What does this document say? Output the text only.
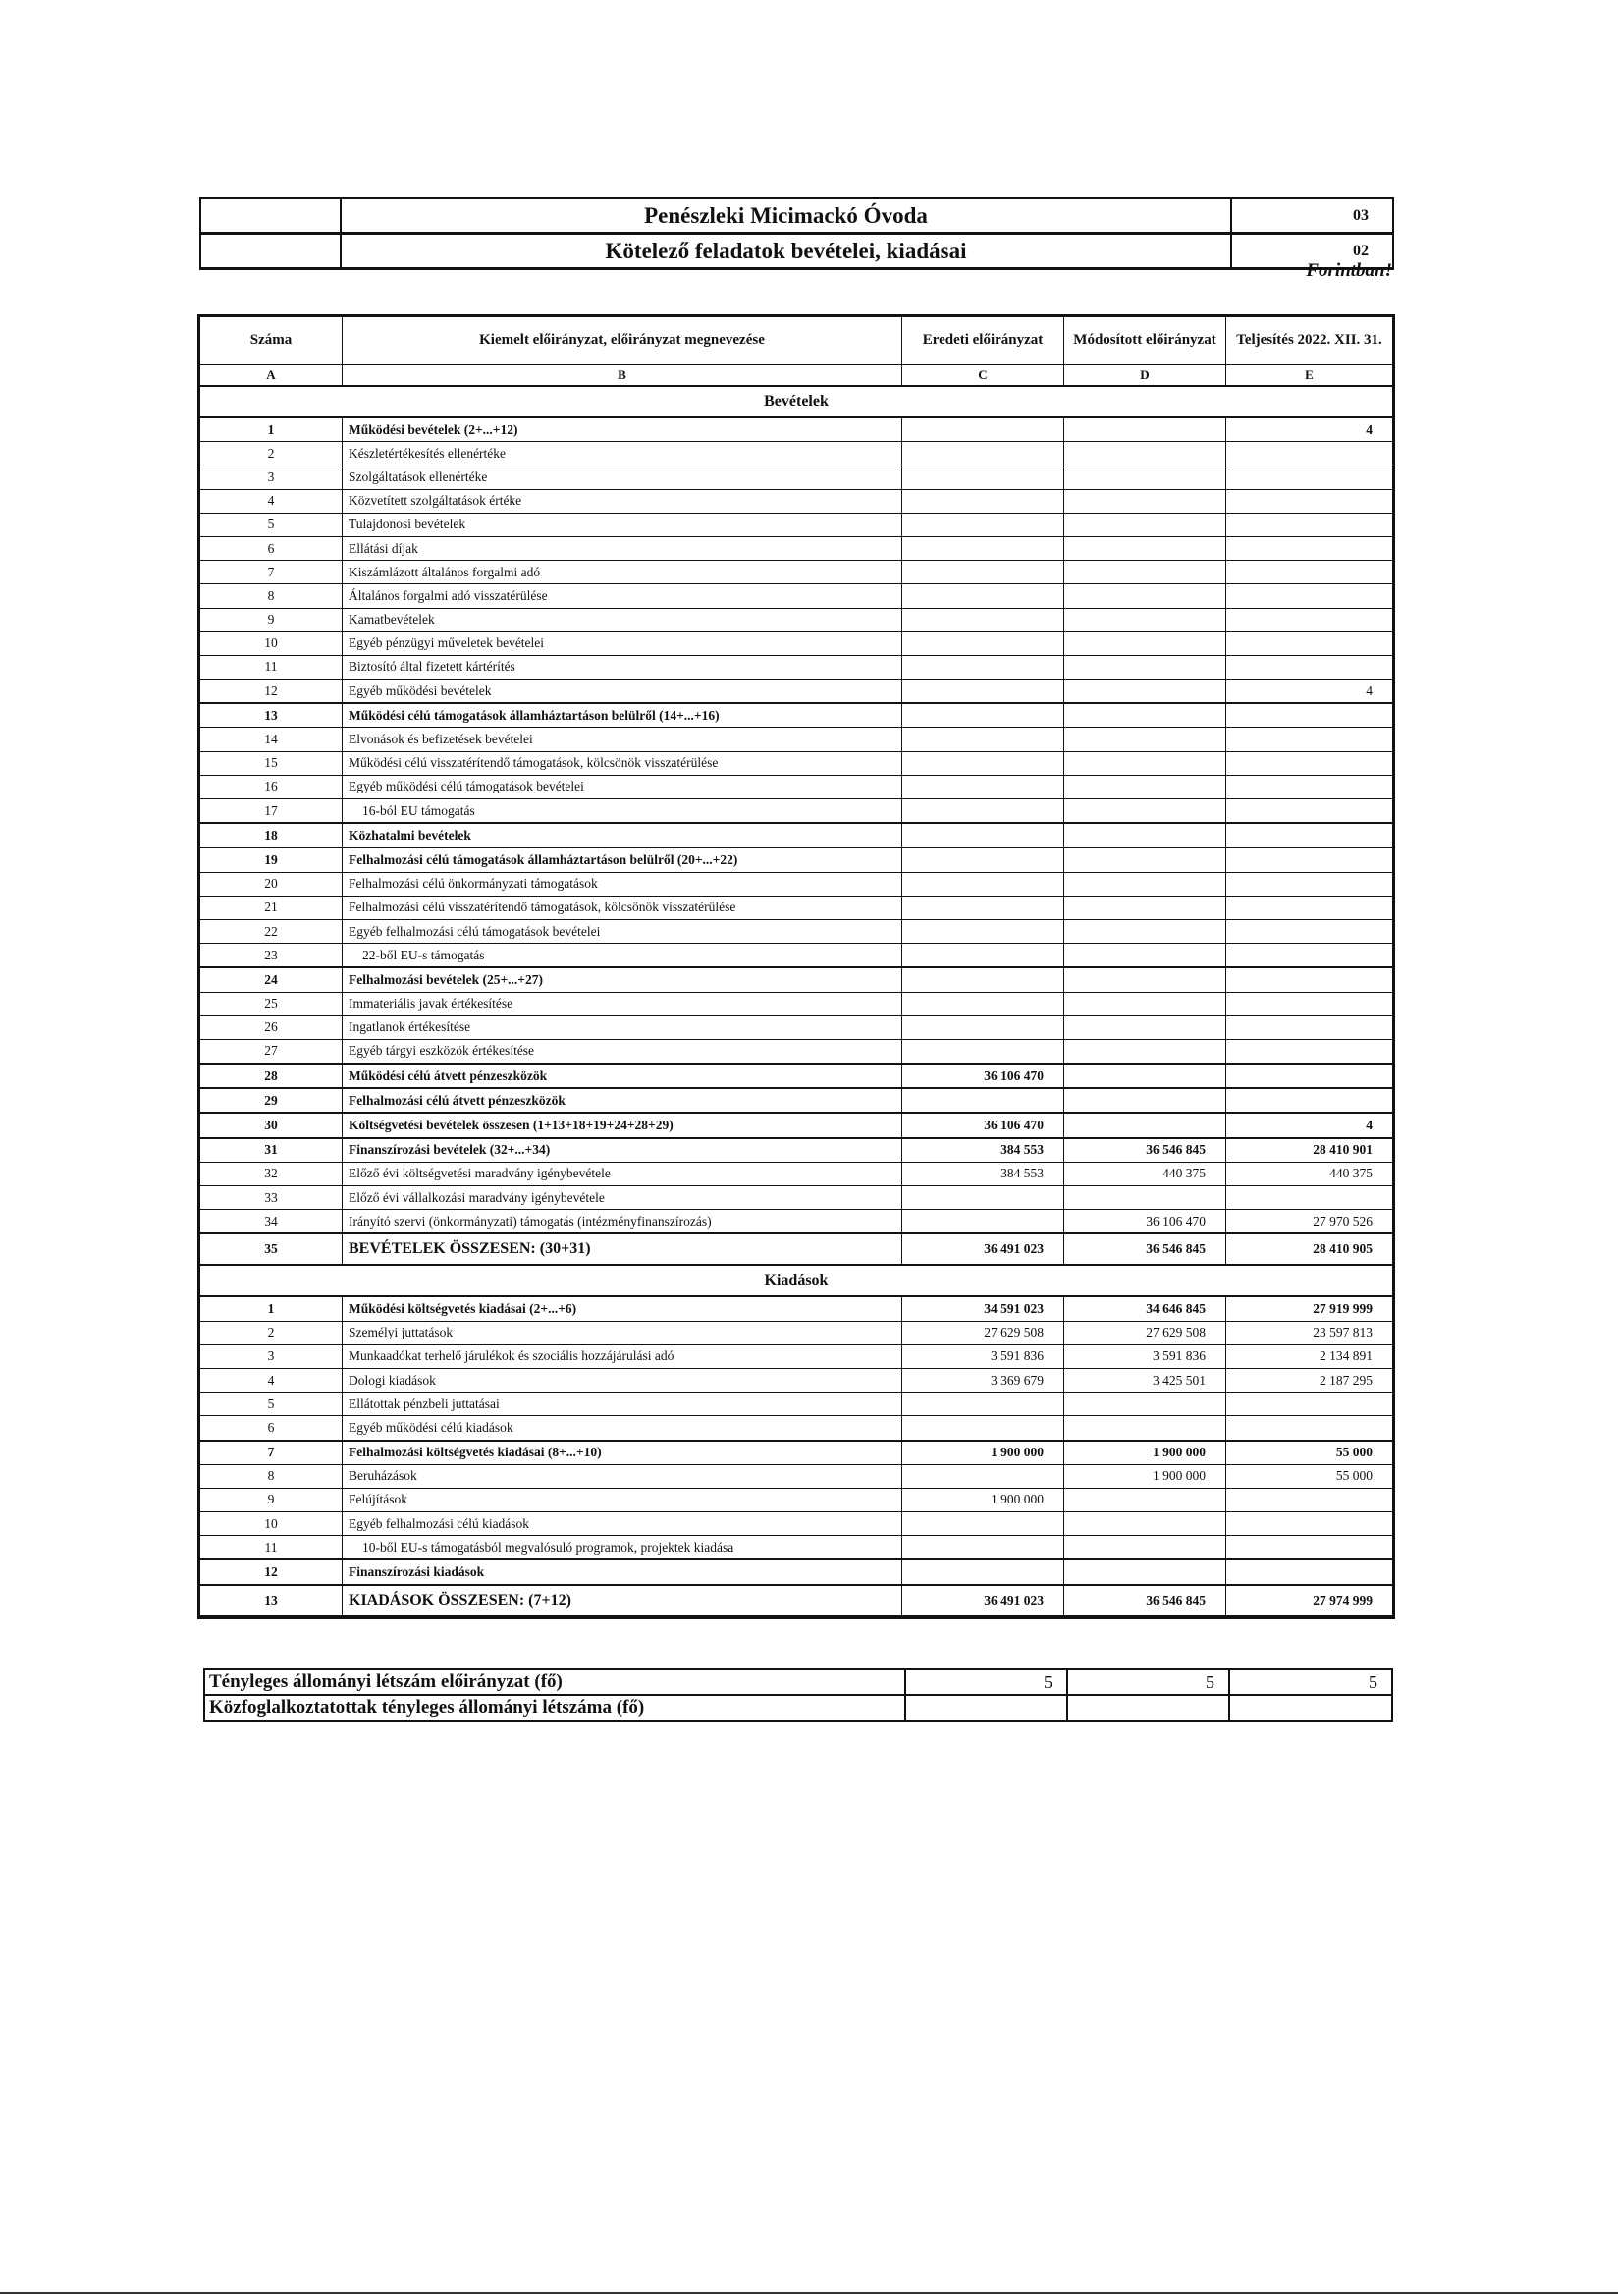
	Penészleki Micimackó Óvoda	03
	Kötelező feladatok bevételei, kiadásai	02
Forintban!
Száma	Kiemelt előirányzat, előirányzat megnevezése	Eredeti előirányzat	Módosított előirányzat	Teljesítés 2022. XII. 31.
A	B	C	D	E
Bevételek				
1	Működési bevételek (2+...+12)			4
2	Készletértékesítés ellenértéke			
3	Szolgáltatások ellenértéke			
4	Közvetített szolgáltatások értéke			
5	Tulajdonosi bevételek			
6	Ellátási díjak			
7	Kiszámlázott általános forgalmi adó			
8	Általános forgalmi adó visszatérülése			
9	Kamatbevételek			
10	Egyéb pénzügyi műveletek bevételei			
11	Biztosító által fizetett kártérítés			
12	Egyéb működési bevételek			4
13	Működési célú támogatások államháztartáson belülről (14+...+16)			
14	Elvonások és befizetések bevételei			
15	Működési célú visszatérítendő támogatások, kölcsönök visszatérülése			
16	Egyéb működési célú támogatások bevételei			
17	16-ból EU támogatás			
18	Közhatalmi bevételek			
19	Felhalmozási célú támogatások államháztartáson belülről (20+...+22)			
20	Felhalmozási célú önkormányzati támogatások			
21	Felhalmozási célú visszatérítendő támogatások, kölcsönök visszatérülése			
22	Egyéb felhalmozási célú támogatások bevételei			
23	22-ből EU-s támogatás			
24	Felhalmozási bevételek (25+...+27)			
25	Immateriális javak értékesítése			
26	Ingatlanok értékesítése			
27	Egyéb tárgyi eszközök értékesítése			
28	Működési célú átvett pénzeszközök	36 106 470		
29	Felhalmozási célú átvett pénzeszközök			
30	Költségvetési bevételek összesen (1+13+18+19+24+28+29)	36 106 470		4
31	Finanszírozási bevételek (32+...+34)	384 553	36 546 845	28 410 901
32	Előző évi költségvetési maradvány igénybevétele	384 553	440 375	440 375
33	Előző évi vállalkozási maradvány igénybevétele			
34	Irányító szervi (önkormányzati) támogatás (intézményfinanszírozás)		36 106 470	27 970 526
35	BEVÉTELEK ÖSSZESEN: (30+31)	36 491 023	36 546 845	28 410 905
Kiadások				
1	Működési költségvetés kiadásai (2+...+6)	34 591 023	34 646 845	27 919 999
2	Személyi juttatások	27 629 508	27 629 508	23 597 813
3	Munkaadókat terhelő járulékok és szociális hozzájárulási adó	3 591 836	3 591 836	2 134 891
4	Dologi kiadások	3 369 679	3 425 501	2 187 295
5	Ellátottak pénzbeli juttatásai			
6	Egyéb működési célú kiadások			
7	Felhalmozási költségvetés kiadásai (8+...+10)	1 900 000	1 900 000	55 000
8	Beruházások		1 900 000	55 000
9	Felújítások	1 900 000		
10	Egyéb felhalmozási célú kiadások			
11	10-ből EU-s támogatásból megvalósuló programok, projektek kiadása			
12	Finanszírozási kiadások			
13	KIADÁSOK ÖSSZESEN: (7+12)	36 491 023	36 546 845	27 974 999
Tényleges állományi létszám előirányzat (fő)	5	5	5
Közfoglalkoztatottak tényleges állományi létszáma (fő)			
